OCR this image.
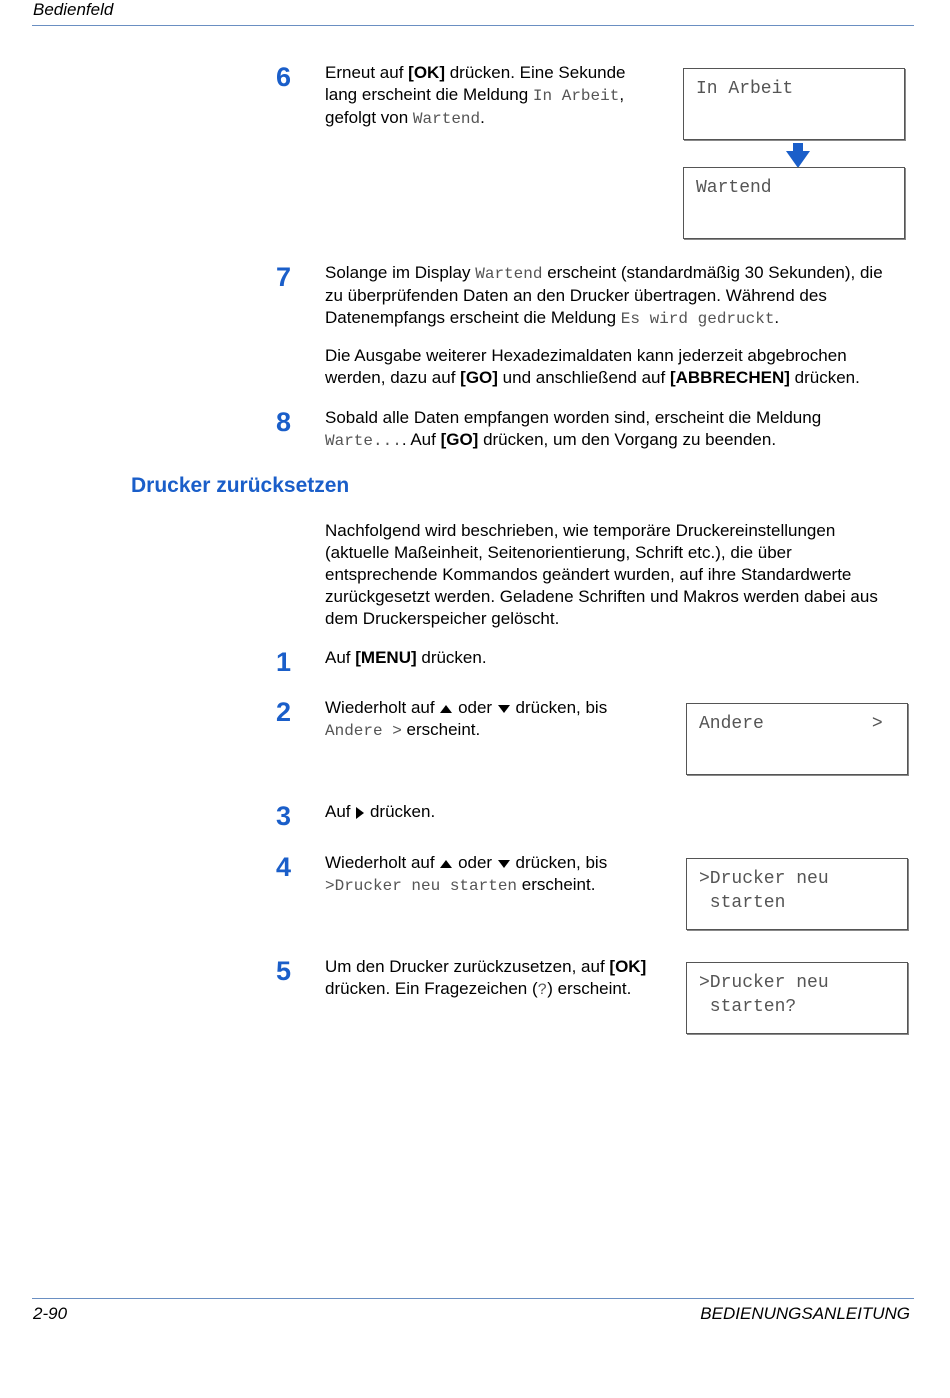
Bedienfeld
6 Erneut auf [OK] drücken. Eine Sekunde
lang erscheint die Meldung In Arbeit,
gefolgt von Wartend.
In Arbeit
Wartend
7 Solange im Display Wartend erscheint (standardmäßig 30 Sekunden), die
zu überprüfenden Daten an den Drucker übertragen. Während des
Datenempfangs erscheint die Meldung Es wird gedruckt.
Die Ausgabe weiterer Hexadezimaldaten kann jederzeit abgebrochen
werden, dazu auf [GO] und anschließend auf [ABBRECHEN] drücken.
8 Sobald alle Daten empfangen worden sind, erscheint die Meldung
Warte.... Auf [GO] drücken, um den Vorgang zu beenden.
Drucker zurücksetzen
Nachfolgend wird beschrieben, wie temporäre Druckereinstellungen
(aktuelle Maßeinheit, Seitenorientierung, Schrift etc.), die über
entsprechende Kommandos geändert wurden, auf ihre Standardwerte
zurückgesetzt werden. Geladene Schriften und Makros werden dabei aus
dem Druckerspeicher gelöscht.
1 Auf [MENU] drücken.
2 Wiederholt auf  oder  drücken, bis
Andere > erscheint.	Andere          >
3 Auf  drücken.
4 Wiederholt auf  oder  drücken, bis
>Drucker neu starten erscheint.	>Drucker neu
starten
5 Um den Drucker zurückzusetzen, auf [OK]
drücken. Ein Fragezeichen (?) erscheint.	>Drucker neu
starten?
2-90	BEDIENUNGSANLEITUNG
